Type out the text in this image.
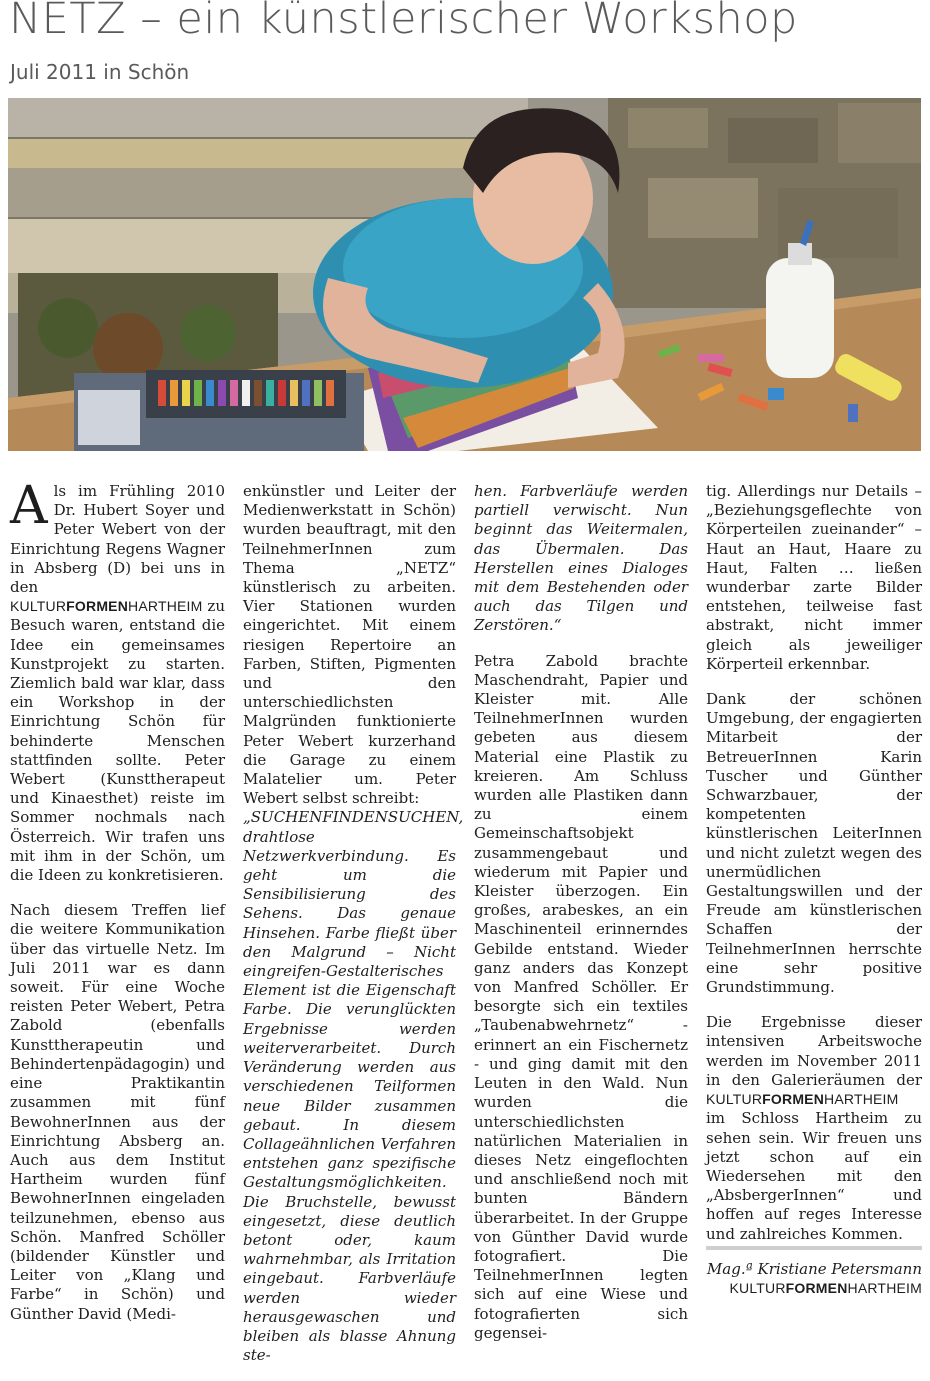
NETZ – ein künstlerischer Workshop
Juli 2011 in Schön

Als im Frühling 2010 Dr. Hubert Soyer und Peter Webert von der Einrichtung Regens Wagner in Absberg (D) bei uns in den KULTURFORMENHARTHEIM zu Besuch waren, entstand die Idee ein gemeinsames Kunstprojekt zu starten. Ziemlich bald war klar, dass ein Workshop in der Einrichtung Schön für behinderte Menschen stattfinden sollte. Peter Webert (Kunsttherapeut und Kinaesthet) reiste im Sommer nochmals nach Österreich. Wir trafen uns mit ihm in der Schön, um die Ideen zu konkretisieren.

Nach diesem Treffen lief die weitere Kommunikation über das virtuelle Netz. Im Juli 2011 war es dann soweit. Für eine Woche reisten Peter Webert, Petra Zabold (ebenfalls Kunsttherapeutin und Behindertenpädagogin) und eine Praktikantin zusammen mit fünf BewohnerInnen aus der Einrichtung Absberg an. Auch aus dem Institut Hartheim wurden fünf BewohnerInnen eingeladen teilzunehmen, ebenso aus Schön. Manfred Schöller (bildender Künstler und Leiter von „Klang und Farbe“ in Schön) und Günther David (Medi-

enkünstler und Leiter der Medienwerkstatt in Schön) wurden beauftragt, mit den TeilnehmerInnen zum Thema „NETZ“ künstlerisch zu arbeiten. Vier Stationen wurden eingerichtet. Mit einem riesigen Repertoire an Farben, Stiften, Pigmenten und den unterschiedlichsten Malgründen funktionierte Peter Webert kurzerhand die Garage zu einem Malatelier um. Peter Webert selbst schreibt:

„SUCHENFINDENSUCHEN, drahtlose Netzwerkverbindung. Es geht um die Sensibilisierung des Sehens. Das genaue Hinsehen. Farbe fließt über den Malgrund – Nicht eingreifen-Gestalterisches Element ist die Eigenschaft Farbe. Die verunglückten Ergebnisse werden weiterverarbeitet. Durch Veränderung werden aus verschiedenen Teilformen neue Bilder zusammen gebaut. In diesem Collageähnlichen Verfahren entstehen ganz spezifische Gestaltungsmöglichkeiten. Die Bruchstelle, bewusst eingesetzt, diese deutlich betont oder, kaum wahrnehmbar, als Irritation eingebaut. Farbverläufe werden wieder herausgewaschen und bleiben als blasse Ahnung ste-

hen. Farbverläufe werden partiell verwischt. Nun beginnt das Weitermalen, das Übermalen. Das Herstellen eines Dialoges mit dem Bestehenden oder auch das Tilgen und Zerstören.“

Petra Zabold brachte Maschendraht, Papier und Kleister mit. Alle TeilnehmerInnen wurden gebeten aus diesem Material eine Plastik zu kreieren. Am Schluss wurden alle Plastiken dann zu einem Gemeinschaftsobjekt zusammengebaut und wiederum mit Papier und Kleister überzogen. Ein großes, arabeskes, an ein Maschinenteil erinnerndes Gebilde entstand. Wieder ganz anders das Konzept von Manfred Schöller. Er besorgte sich ein textiles „Taubenabwehrnetz“ - erinnert an ein Fischernetz - und ging damit mit den Leuten in den Wald. Nun wurden die unterschiedlichsten natürlichen Materialien in dieses Netz eingeflochten und anschließend noch mit bunten Bändern überarbeitet. In der Gruppe von Günther David wurde fotografiert. Die TeilnehmerInnen legten sich auf eine Wiese und fotografierten sich gegensei-

tig. Allerdings nur Details – „Beziehungsgeflechte von Körperteilen zueinander“ – Haut an Haut, Haare zu Haut, Falten … ließen wunderbar zarte Bilder entstehen, teilweise fast abstrakt, nicht immer gleich als jeweiliger Körperteil erkennbar.

Dank der schönen Umgebung, der engagierten Mitarbeit der BetreuerInnen Karin Tuscher und Günther Schwarzbauer, der kompetenten künstlerischen LeiterInnen und nicht zuletzt wegen des unermüdlichen Gestaltungswillen und der Freude am künstlerischen Schaffen der TeilnehmerInnen herrschte eine sehr positive Grundstimmung.

Die Ergebnisse dieser intensiven Arbeitswoche werden im November 2011 in den Galerieräumen der KULTURFORMENHARTHEIM im Schloss Hartheim zu sehen sein. Wir freuen uns jetzt schon auf ein Wiedersehen mit den „AbsbergerInnen“ und hoffen auf reges Interesse und zahlreiches Kommen.

Mag.ª Kristiane Petersmann
KULTURFORMENHARTHEIM
